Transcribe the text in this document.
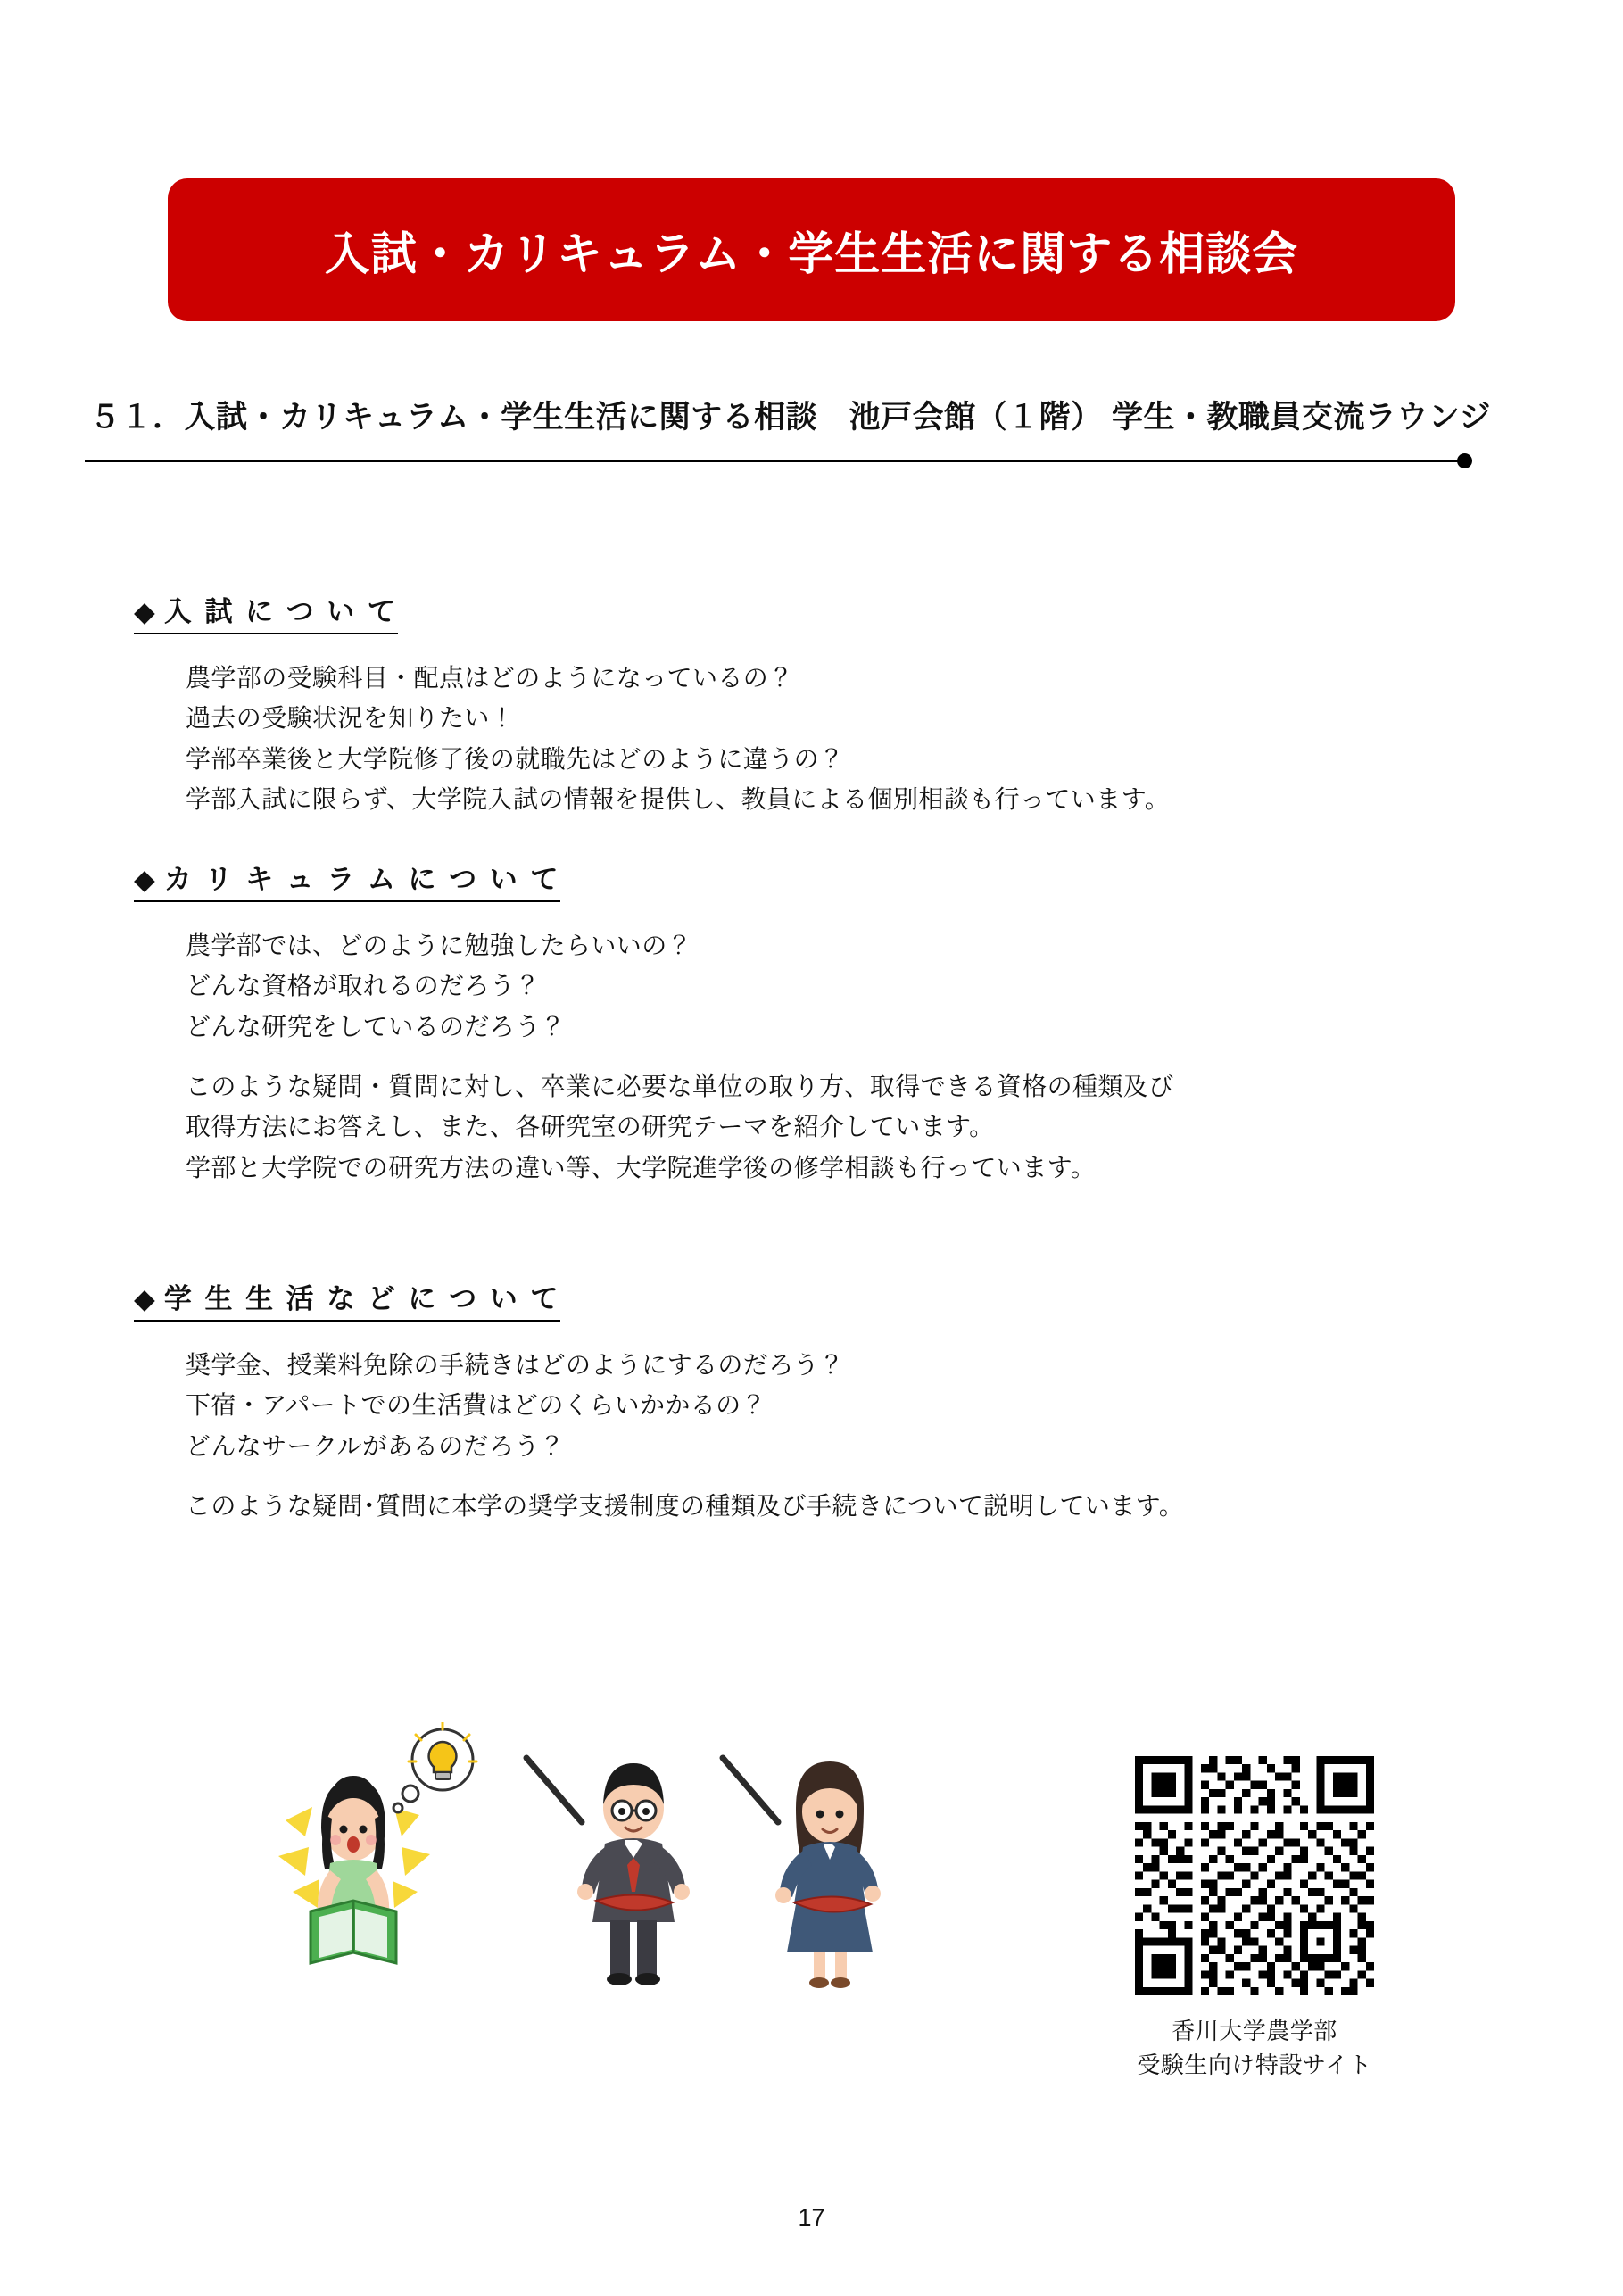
入試・カリキュラム・学生生活に関する相談会
５１．入試・カリキュラム・学生生活に関する相談　池戸会館（１階） 学生・教職員交流ラウンジ
◆ 入 試 に つ い て
農学部の受験科目・配点はどのようになっているの？
過去の受験状況を知りたい！
学部卒業後と大学院修了後の就職先はどのように違うの？
学部入試に限らず、大学院入試の情報を提供し、教員による個別相談も行っています。
◆ カ リ キ ュ ラ ム に つ い て
農学部では、どのように勉強したらいいの？
どんな資格が取れるのだろう？
どんな研究をしているのだろう？
このような疑問・質問に対し、卒業に必要な単位の取り方、取得できる資格の種類及び
取得方法にお答えし、また、各研究室の研究テーマを紹介しています。
学部と大学院での研究方法の違い等、大学院進学後の修学相談も行っています。
◆ 学 生 生 活 な ど に つ い て
奨学金、授業料免除の手続きはどのようにするのだろう？
下宿・アパートでの生活費はどのくらいかかるの？
どんなサークルがあるのだろう？
このような疑問･質問に本学の奨学支援制度の種類及び手続きについて説明しています。
香川大学農学部
受験生向け特設サイト
17
